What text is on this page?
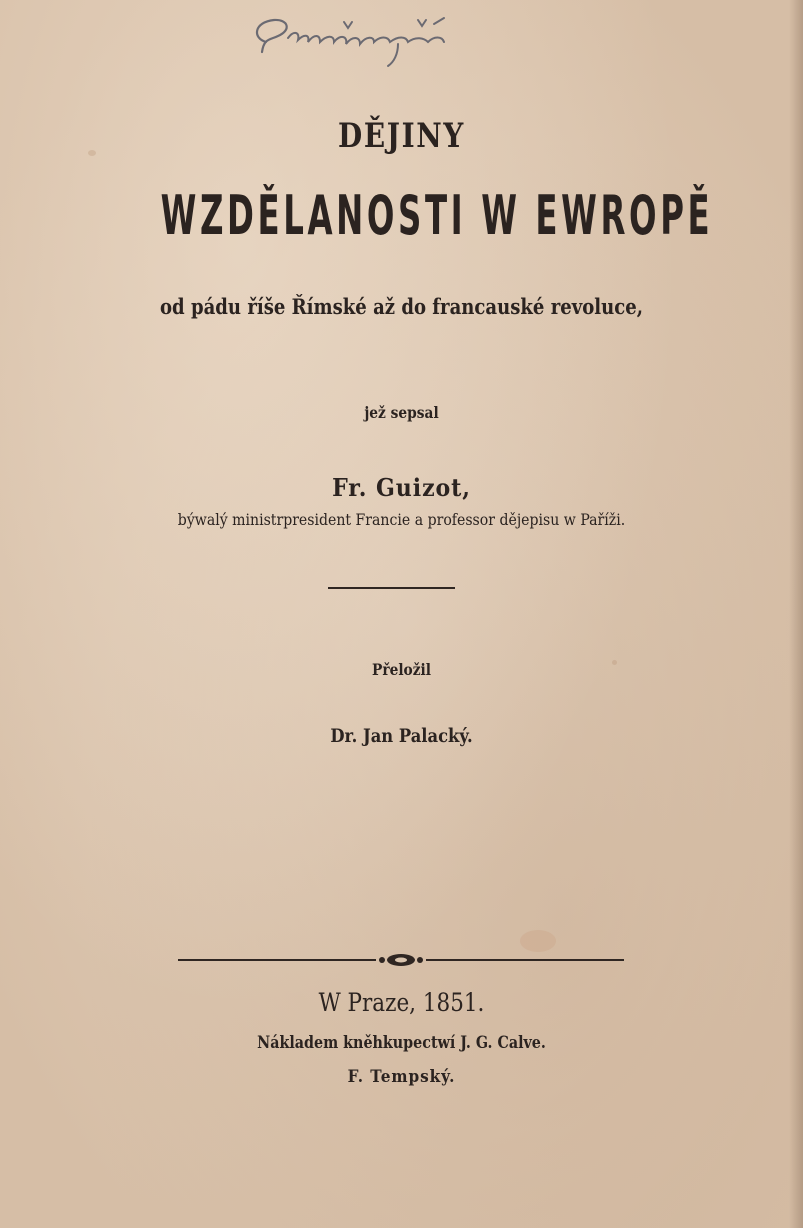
DĚJINY
WZDĚLANOSTI W EWROPĚ
od pádu říše Římské až do francauské revoluce,
jež sepsal
Fr. Guizot,
býwalý ministrpresident Francie a professor dějepisu w Paříži.
Přeložil
Dr. Jan Palacký.
W Praze, 1851.
Nákladem kněhkupectwí J. G. Calve.
F. Tempský.
